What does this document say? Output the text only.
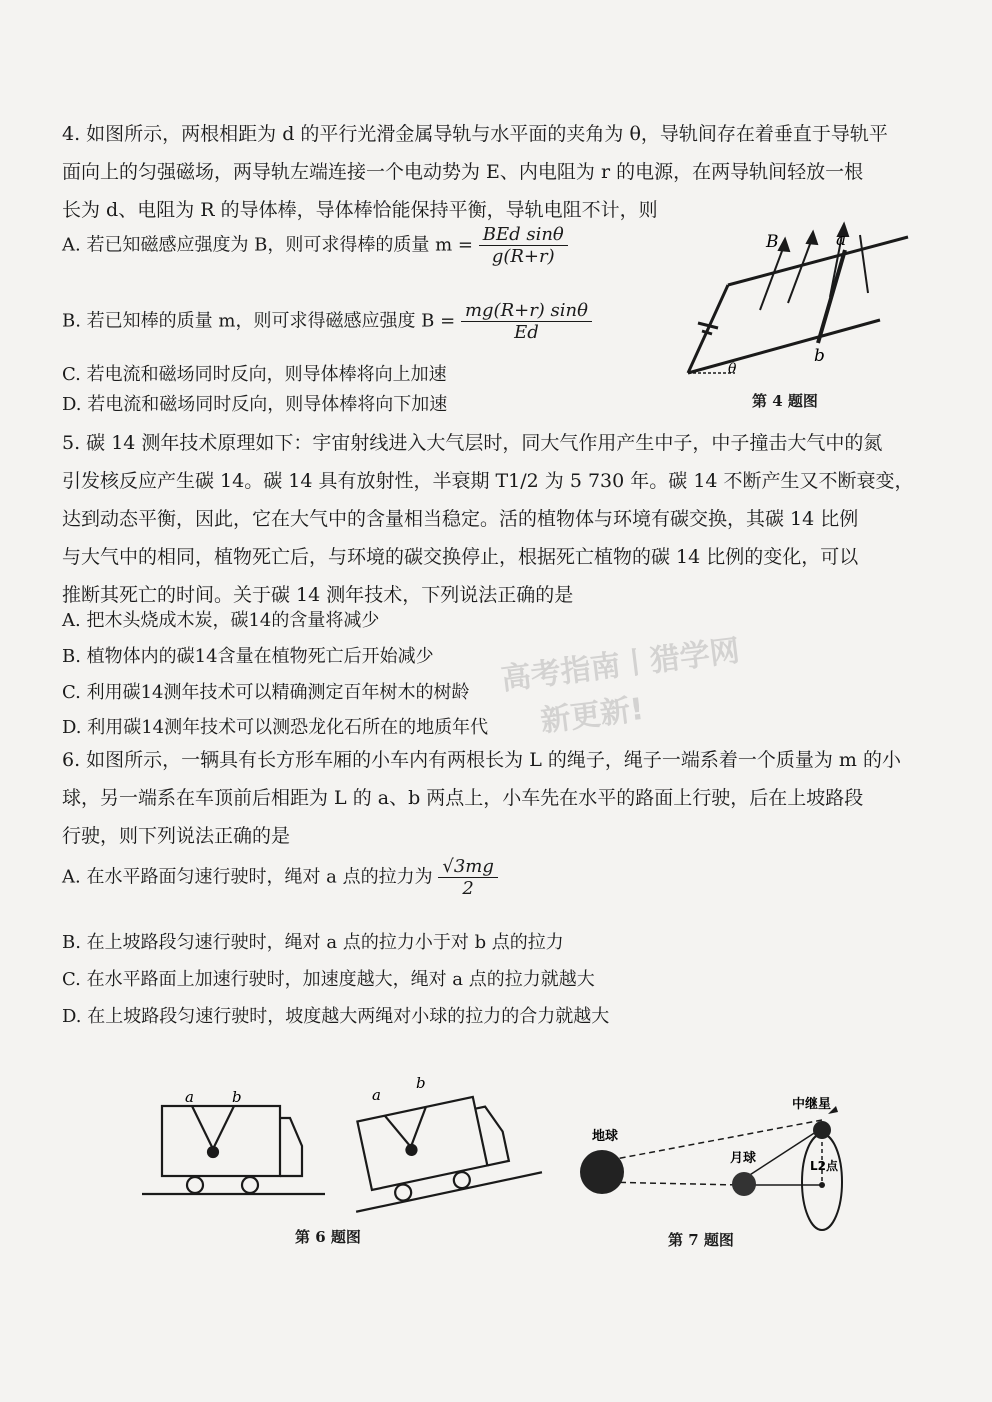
4. 如图所示，两根相距为 d 的平行光滑金属导轨与水平面的夹角为 θ，导轨间存在着垂直于导轨平
面向上的匀强磁场，两导轨左端连接一个电动势为 E、内电阻为 r 的电源，在两导轨间轻放一根
长为 d、电阻为 R 的导体棒，导体棒恰能保持平衡，导轨电阻不计，则
A. 若已知磁感应强度为 B，则可求得棒的质量 $m = \frac{\text{BEd sinθ}}{g(R+r)}$
B. 若已知棒的质量 m，则可求得磁感应强度 $B = \frac{mg(R+r) \sin\theta}{Ed}$
C. 若电流和磁场同时反向，则导体棒将向上加速
D. 若电流和磁场同时反向，则导体棒将向下加速
B	a
b
θ
第 4 题图
5. 碳 14 测年技术原理如下：宇宙射线进入大气层时，同大气作用产生中子，中子撞击大气中的氮
引发核反应产生碳 14。碳 14 具有放射性，半衰期 T1/2 为 5 730 年。碳 14 不断产生又不断衰变，
达到动态平衡，因此，它在大气中的含量相当稳定。活的植物体与环境有碳交换，其碳 14 比例
与大气中的相同，植物死亡后，与环境的碳交换停止，根据死亡植物的碳 14 比例的变化，可以
推断其死亡的时间。关于碳 14 测年技术，下列说法正确的是
A. 把木头烧成木炭，碳14的含量将减少
B. 植物体内的碳14含量在植物死亡后开始减少
C. 利用碳14测年技术可以精确测定百年树木的树龄
D. 利用碳14测年技术可以测恐龙化石所在的地质年代
高考指南丨猎学网
新更新!
6. 如图所示，一辆具有长方形车厢的小车内有两根长为 L 的绳子，绳子一端系着一个质量为 m 的小
球，另一端系在车顶前后相距为 L 的 a、b 两点上，小车先在水平的路面上行驶，后在上坡路段
行驶，则下列说法正确的是
A. 在水平路面匀速行驶时，绳对 a 点的拉力为 $\frac{√3mg}{2}$
B. 在上坡路段匀速行驶时，绳对 a 点的拉力小于对 b 点的拉力
C. 在水平路面上加速行驶时，加速度越大，绳对 a 点的拉力就越大
D. 在上坡路段匀速行驶时，坡度越大两绳对小球的拉力的合力就越大
a	b	a
b
第 6 题图
地球
月球
中继星
L2点
第 7 题图
